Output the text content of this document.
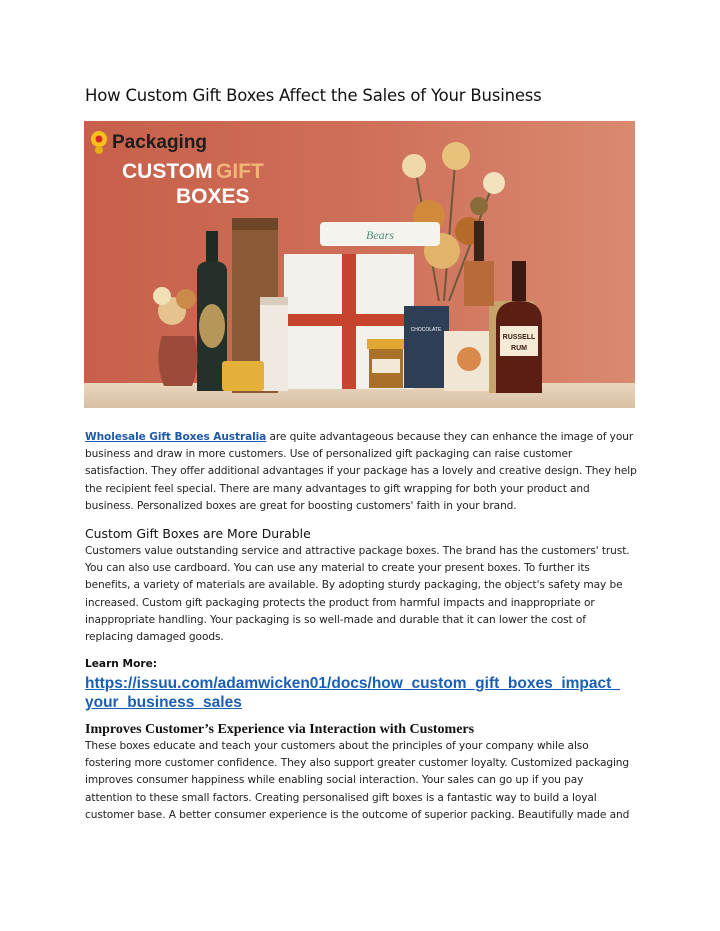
How Custom Gift Boxes Affect the Sales of Your Business
Packaging
CUSTOM GIFT
BOXES
Bears
CHOCOLATE
RUSSELL
RUM
Wholesale Gift Boxes Australia are quite advantageous because they can enhance the image of your
business and draw in more customers. Use of personalized gift packaging can raise customer
satisfaction. They offer additional advantages if your package has a lovely and creative design. They help
the recipient feel special. There are many advantages to gift wrapping for both your product and
business. Personalized boxes are great for boosting customers' faith in your brand.
Custom Gift Boxes are More Durable
Customers value outstanding service and attractive package boxes. The brand has the customers' trust.
You can also use cardboard. You can use any material to create your present boxes. To further its
benefits, a variety of materials are available. By adopting sturdy packaging, the object's safety may be
increased. Custom gift packaging protects the product from harmful impacts and inappropriate or
inappropriate handling. Your packaging is so well-made and durable that it can lower the cost of
replacing damaged goods.
Learn More:
https://issuu.com/adamwicken01/docs/how_custom_gift_boxes_impact_
your_business_sales
Improves Customer’s Experience via Interaction with Customers
These boxes educate and teach your customers about the principles of your company while also
fostering more customer confidence. They also support greater customer loyalty. Customized packaging
improves consumer happiness while enabling social interaction. Your sales can go up if you pay
attention to these small factors. Creating personalised gift boxes is a fantastic way to build a loyal
customer base. A better consumer experience is the outcome of superior packing. Beautifully made and
